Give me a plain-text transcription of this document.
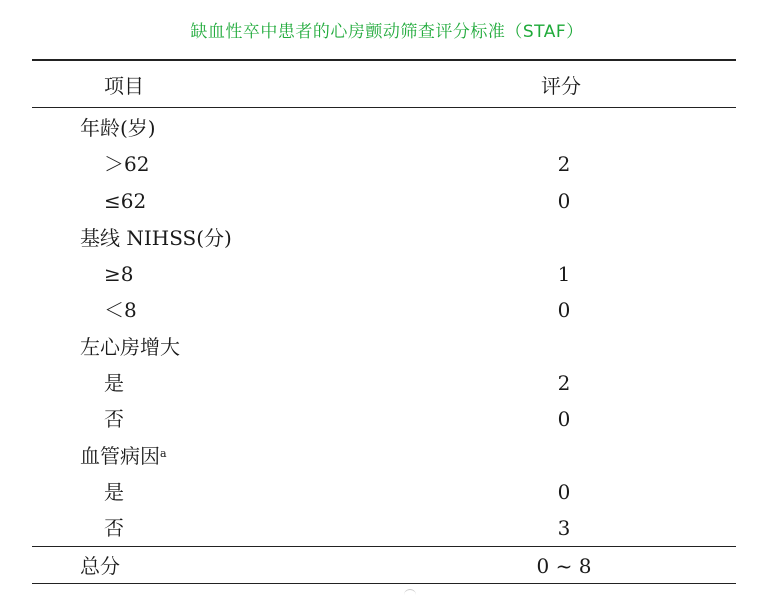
缺血性卒中患者的心房颤动筛查评分标准（STAF）
项目	评分
年龄(岁)
＞62	2
≤62	0
基线 NIHSS(分)
≥8	1
＜8	0
左心房增大
是	2
否	0
血管病因$^a$
是	0
否	3
总分	0 ~ 8
